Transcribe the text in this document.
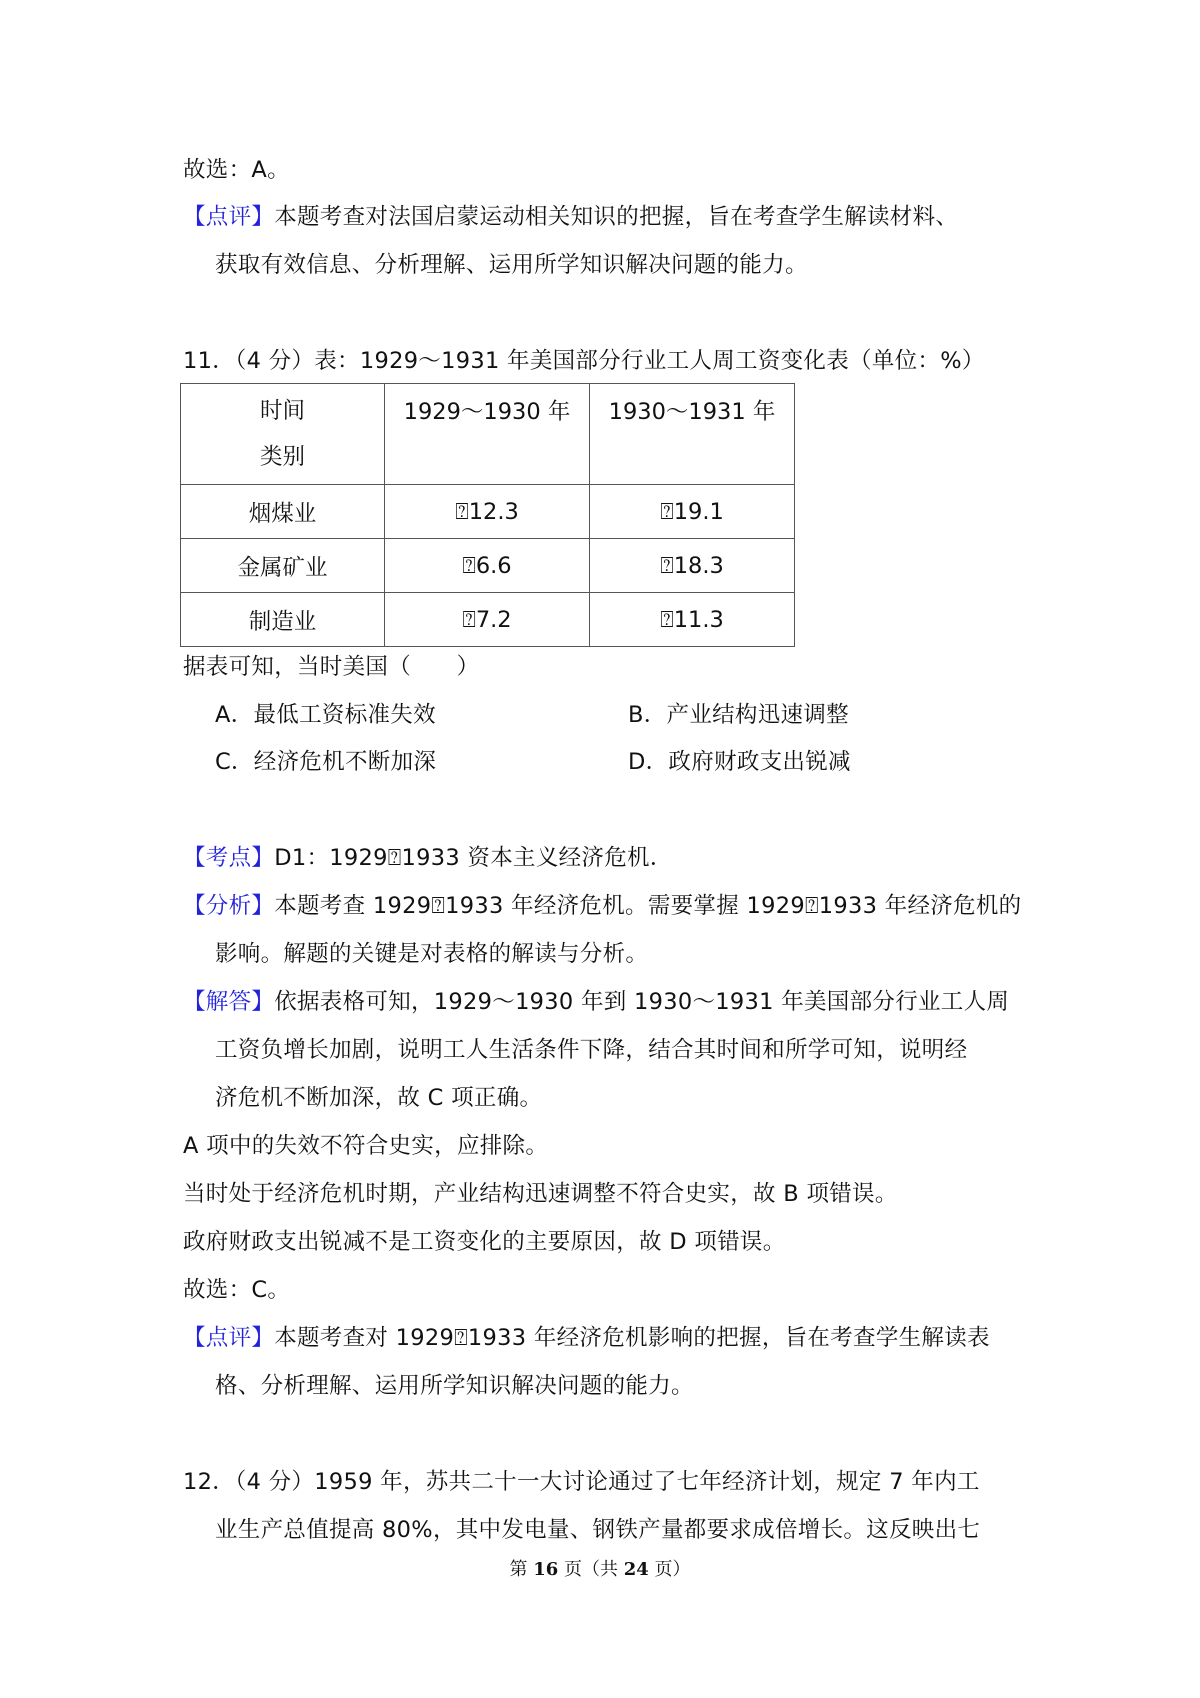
故选：A。
【点评】本题考查对法国启蒙运动相关知识的把握，旨在考查学生解读材料、
获取有效信息、分析理解、运用所学知识解决问题的能力。
11．（4 分）表：1929～1931 年美国部分行业工人周工资变化表（单位：%）
时间
类别	1929～1930 年	1930～1931 年

烟煤业	⍰12.3	⍰19.1
金属矿业	⍰6.6	⍰18.3
制造业	⍰7.2	⍰11.3
据表可知，当时美国（　　）
A．最低工资标准失效	B．产业结构迅速调整
C．经济危机不断加深	D．政府财政支出锐减
【考点】D1：1929⍰1933 资本主义经济危机．
【分析】本题考查 1929⍰1933 年经济危机。需要掌握 1929⍰1933 年经济危机的
影响。解题的关键是对表格的解读与分析。
【解答】依据表格可知，1929～1930 年到 1930～1931 年美国部分行业工人周
工资负增长加剧，说明工人生活条件下降，结合其时间和所学可知，说明经
济危机不断加深，故 C 项正确。
A 项中的失效不符合史实，应排除。
当时处于经济危机时期，产业结构迅速调整不符合史实，故 B 项错误。
政府财政支出锐减不是工资变化的主要原因，故 D 项错误。
故选：C。
【点评】本题考查对 1929⍰1933 年经济危机影响的把握，旨在考查学生解读表
格、分析理解、运用所学知识解决问题的能力。
12．（4 分）1959 年，苏共二十一大讨论通过了七年经济计划，规定 7 年内工
业生产总值提高 80%，其中发电量、钢铁产量都要求成倍增长。这反映出七
第 16 页（共 24 页）
